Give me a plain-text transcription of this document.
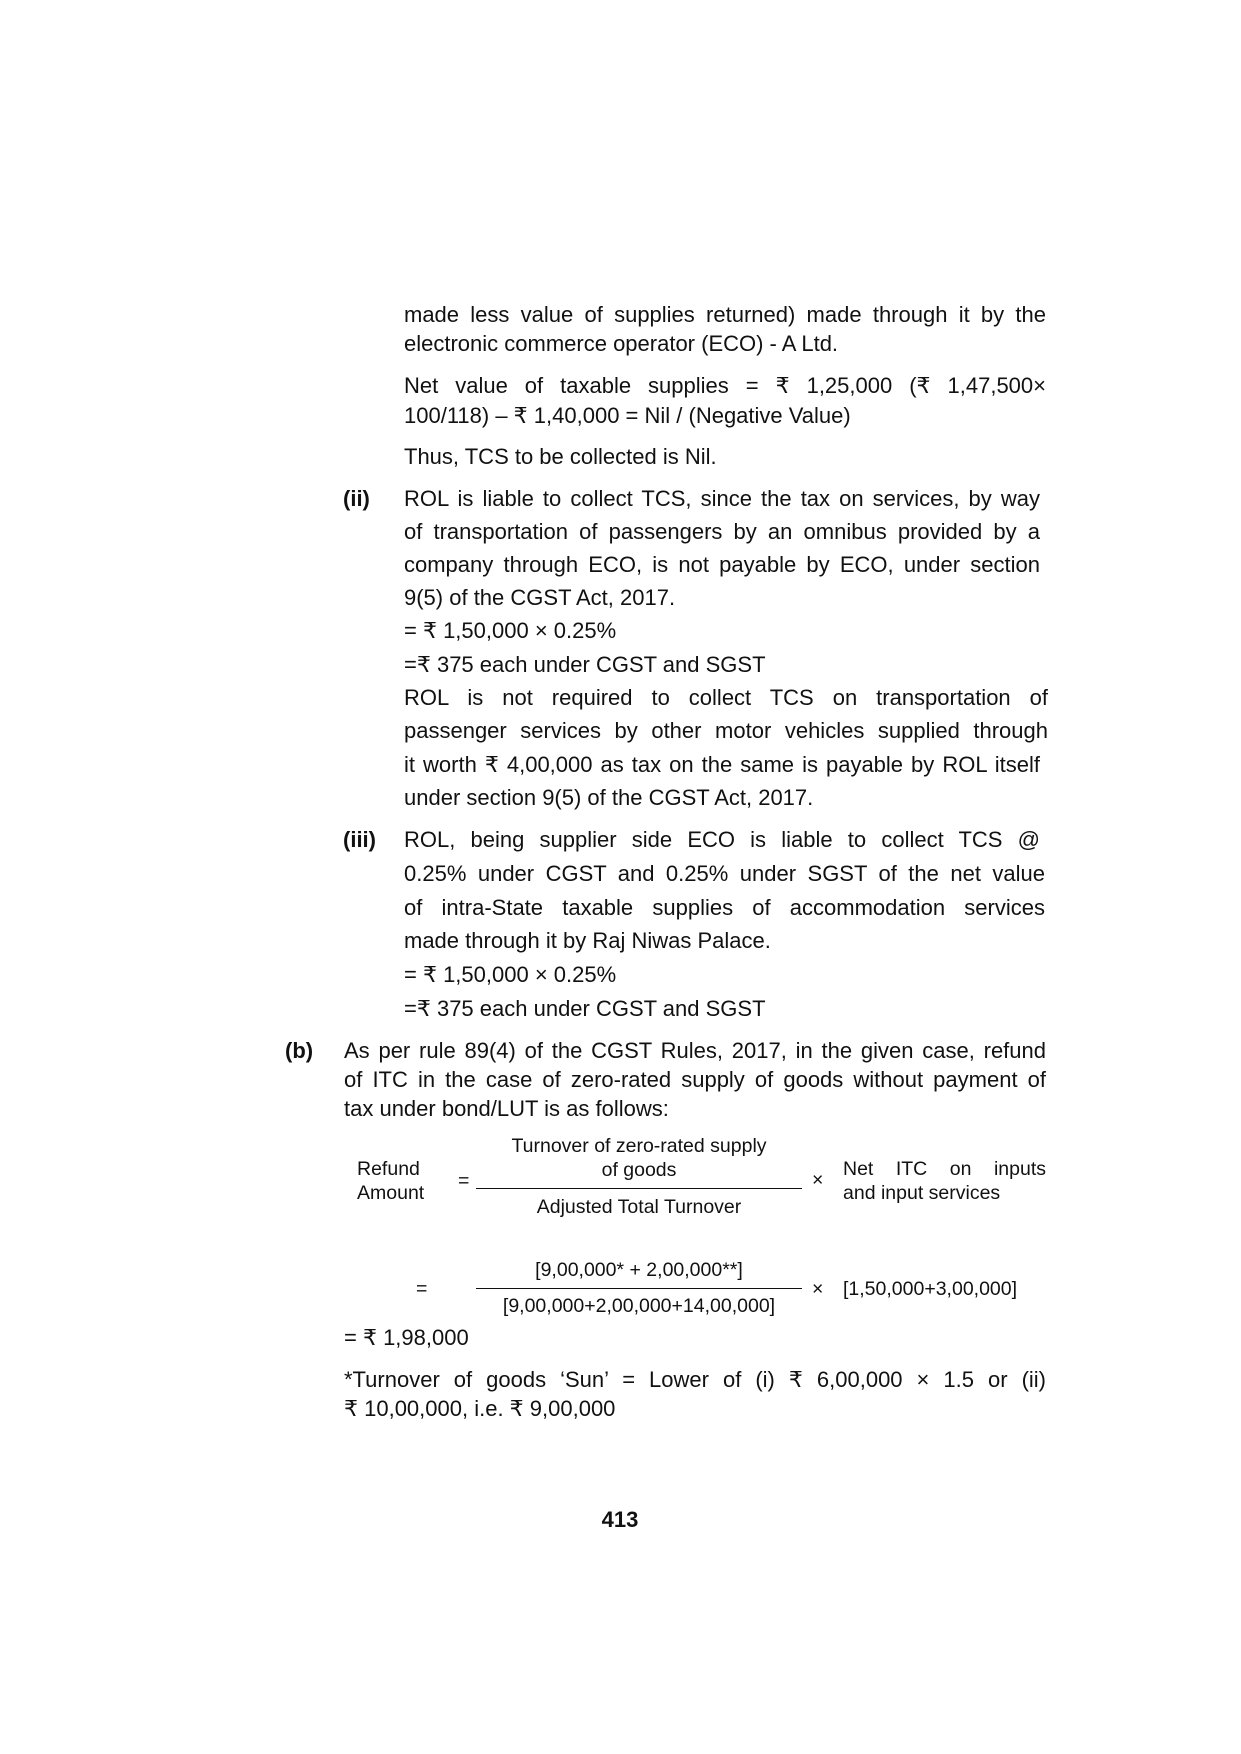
made less value of supplies returned) made through it by the
electronic commerce operator (ECO) - A Ltd.
Net value of taxable supplies = ₹ 1,25,000 (₹ 1,47,500×
100/118) – ₹ 1,40,000 = Nil / (Negative Value)
Thus, TCS to be collected is Nil.
(ii) ROL is liable to collect TCS, since the tax on services, by way
of transportation of passengers by an omnibus provided by a
company through ECO, is not payable by ECO, under section
9(5) of the CGST Act, 2017.
= ₹ 1,50,000 × 0.25%
=₹ 375 each under CGST and SGST
ROL is not required to collect TCS on transportation of
passenger services by other motor vehicles supplied through
it worth ₹ 4,00,000 as tax on the same is payable by ROL itself
under section 9(5) of the CGST Act, 2017.
(iii) ROL, being supplier side ECO is liable to collect TCS @
0.25% under CGST and 0.25% under SGST of the net value
of intra-State taxable supplies of accommodation services
made through it by Raj Niwas Palace.
= ₹ 1,50,000 × 0.25%
=₹ 375 each under CGST and SGST
(b) As per rule 89(4) of the CGST Rules, 2017, in the given case, refund
of ITC in the case of zero-rated supply of goods without payment of
tax under bond/LUT is as follows:
Refund
Amount
=
Turnover of zero-rated supply
of goods
Adjusted Total Turnover
× Net ITC on inputs
and input services
=
[9,00,000* + 2,00,000**]
[9,00,000+2,00,000+14,00,000]
× [1,50,000+3,00,000]
= ₹ 1,98,000
*Turnover of goods ‘Sun’ = Lower of (i) ₹ 6,00,000 × 1.5 or (ii)
₹ 10,00,000, i.e. ₹ 9,00,000
413
